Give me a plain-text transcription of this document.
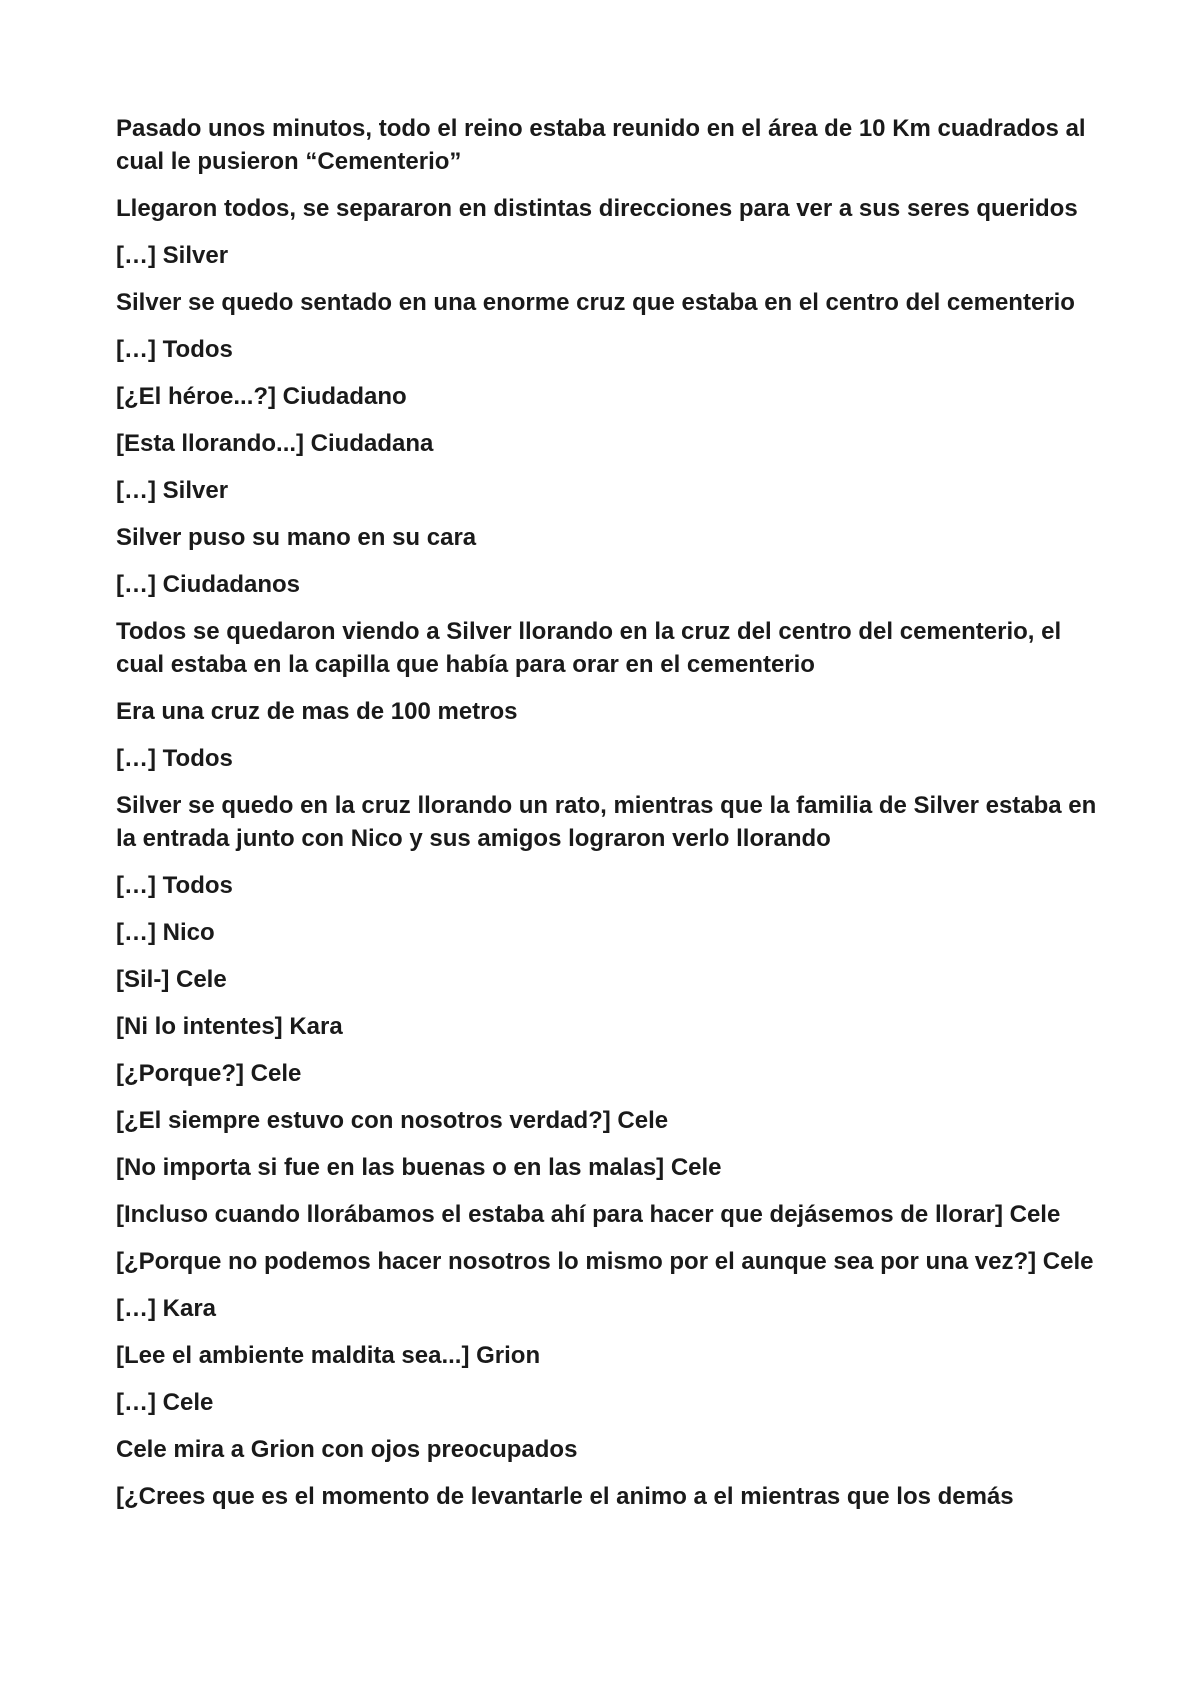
Pasado unos minutos, todo el reino estaba reunido en el área de 10 Km cuadrados al cual le pusieron “Cementerio”

Llegaron todos, se separaron en distintas direcciones para ver a sus seres queridos

[…] Silver

Silver se quedo sentado en una enorme cruz que estaba en el centro del cementerio

[…] Todos

[¿El héroe...?] Ciudadano

[Esta llorando...] Ciudadana

[…] Silver

Silver puso su mano en su cara

[…] Ciudadanos

Todos se quedaron viendo a Silver llorando en la cruz del centro del cementerio, el cual estaba en la capilla que había para orar en el cementerio

Era una cruz de mas de 100 metros

[…] Todos

Silver se quedo en la cruz llorando un rato, mientras que la familia de Silver estaba en la entrada junto con Nico y sus amigos lograron verlo llorando

[…] Todos

[…] Nico

[Sil-] Cele

[Ni lo intentes] Kara

[¿Porque?] Cele

[¿El siempre estuvo con nosotros verdad?] Cele

[No importa si fue en las buenas o en las malas] Cele

[Incluso cuando llorábamos el estaba ahí para hacer que dejásemos de llorar] Cele

[¿Porque no podemos hacer nosotros lo mismo por el aunque sea por una vez?] Cele

[…] Kara

[Lee el ambiente maldita sea...] Grion

[…] Cele

Cele mira a Grion con ojos preocupados

[¿Crees que es el momento de levantarle el animo a el mientras que los demás
